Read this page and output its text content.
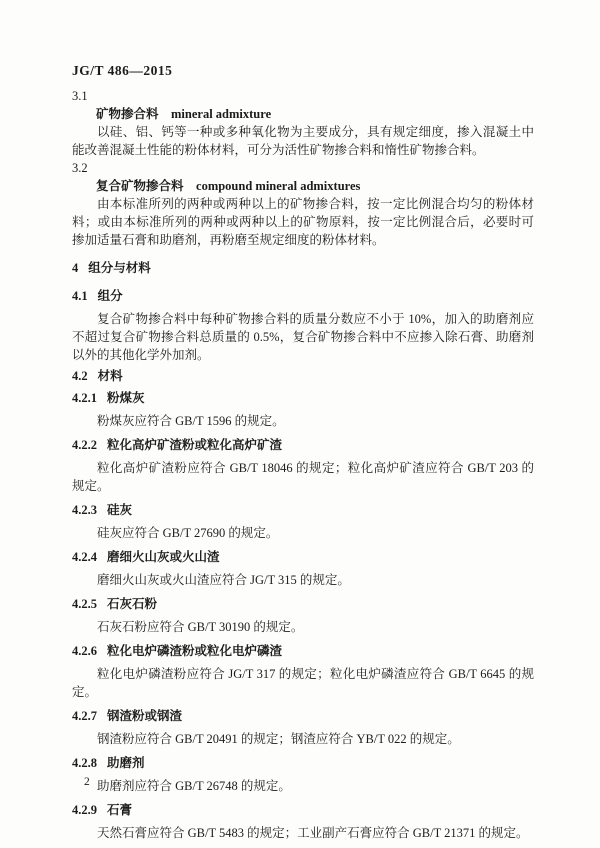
JG/T 486—2015

3.1

矿物掺合料 mineral admixture

以硅、铝、钙等一种或多种氧化物为主要成分，具有规定细度，掺入混凝土中能改善混凝土性能的粉体材料，可分为活性矿物掺合料和惰性矿物掺合料。

3.2

复合矿物掺合料 compound mineral admixtures

由本标准所列的两种或两种以上的矿物掺合料，按一定比例混合均匀的粉体材料；或由本标准所列的两种或两种以上的矿物原料，按一定比例混合后，必要时可掺加适量石膏和助磨剂，再粉磨至规定细度的粉体材料。

4 组分与材料

4.1 组分

复合矿物掺合料中每种矿物掺合料的质量分数应不小于 10%，加入的助磨剂应不超过复合矿物掺合料总质量的 0.5%，复合矿物掺合料中不应掺入除石膏、助磨剂以外的其他化学外加剂。

4.2 材料

4.2.1 粉煤灰

粉煤灰应符合 GB/T 1596 的规定。

4.2.2 粒化高炉矿渣粉或粒化高炉矿渣

粒化高炉矿渣粉应符合 GB/T 18046 的规定；粒化高炉矿渣应符合 GB/T 203 的规定。

4.2.3 硅灰

硅灰应符合 GB/T 27690 的规定。

4.2.4 磨细火山灰或火山渣

磨细火山灰或火山渣应符合 JG/T 315 的规定。

4.2.5 石灰石粉

石灰石粉应符合 GB/T 30190 的规定。

4.2.6 粒化电炉磷渣粉或粒化电炉磷渣

粒化电炉磷渣粉应符合 JG/T 317 的规定；粒化电炉磷渣应符合 GB/T 6645 的规定。

4.2.7 钢渣粉或钢渣

钢渣粉应符合 GB/T 20491 的规定；钢渣应符合 YB/T 022 的规定。

4.2.8 助磨剂

助磨剂应符合 GB/T 26748 的规定。

4.2.9 石膏

天然石膏应符合 GB/T 5483 的规定；工业副产石膏应符合 GB/T 21371 的规定。

2
